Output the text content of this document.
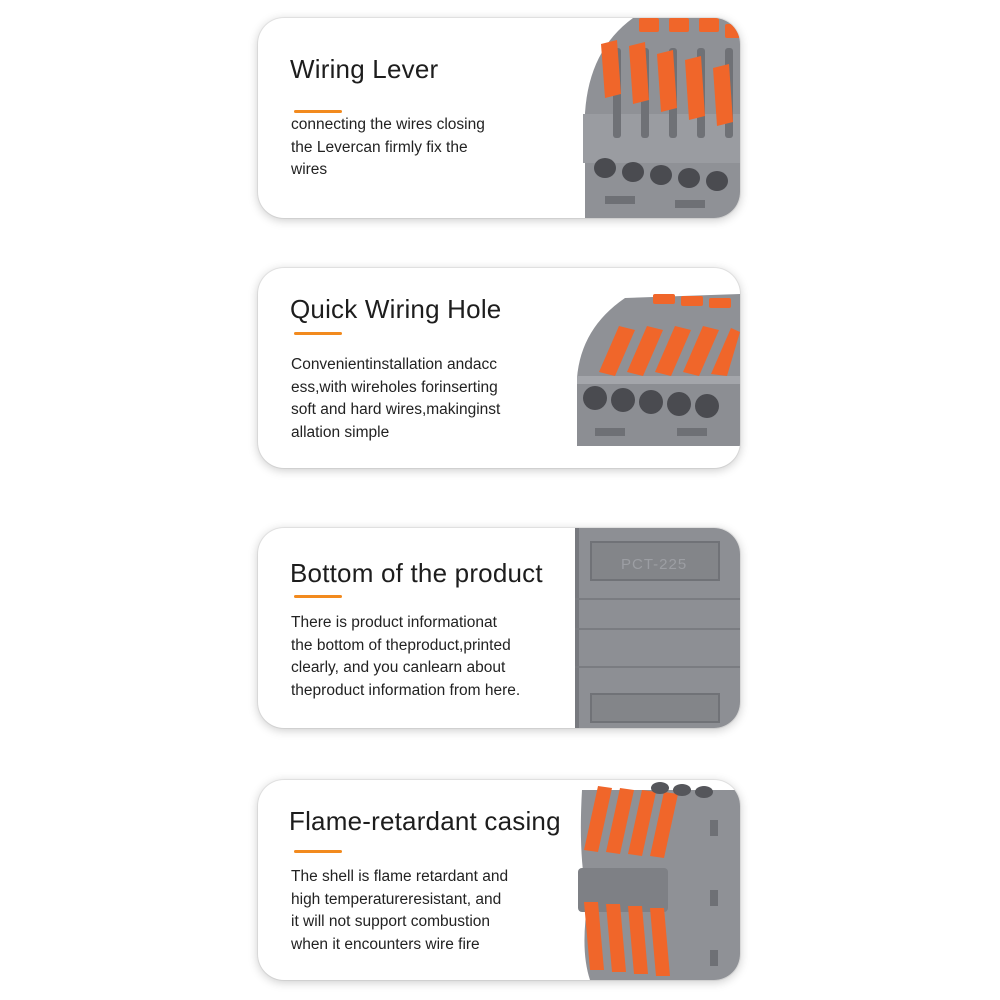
Wiring Lever

connecting the wires closing
the Levercan firmly fix the
wires

Quick Wiring Hole

Convenientinstallation andacc
ess,with wireholes forinserting
soft and hard wires,makinginst
allation simple

Bottom of the product

There is product informationat
the bottom of theproduct,printed
clearly, and you canlearn about
theproduct information from here.

PCT-225
Flame-retardant casing

The shell is flame retardant and
high temperatureresistant, and
it will not support combustion
when it encounters wire fire
